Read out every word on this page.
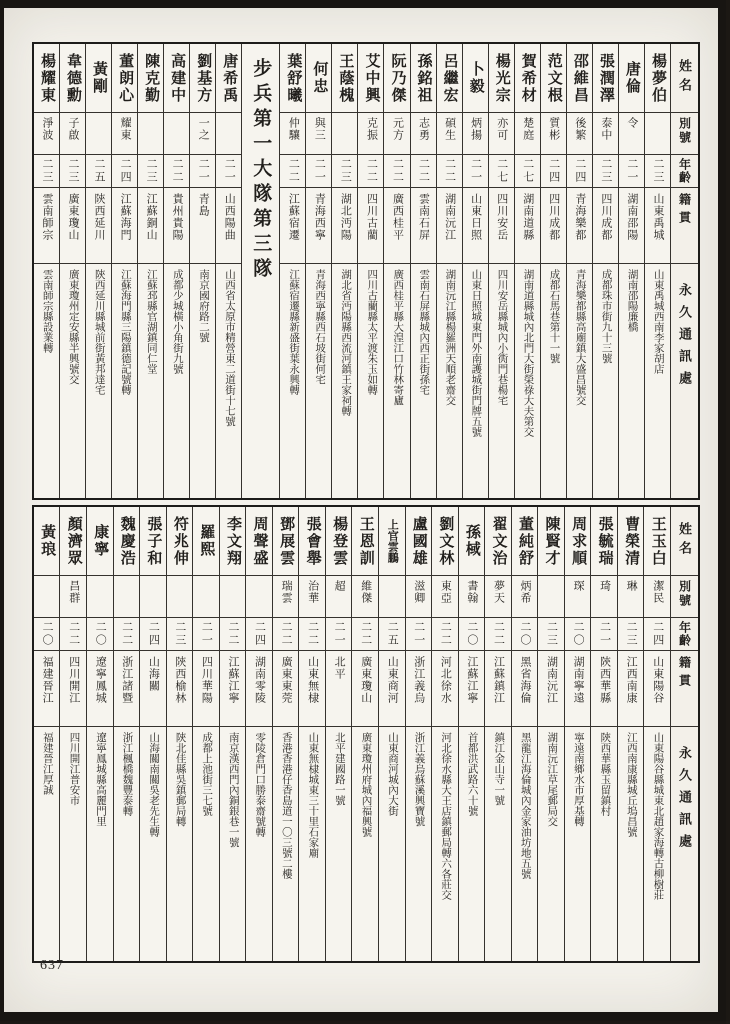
姓名
別號
年齡
籍貫
永久通訊處
楊夢伯
二三
山東禹城
山東禹城西南李家胡店
唐倫
令
二一
湖南邵陽
湖南邵陽廉橋
張潤澤
泰中
二三
四川成都
成都珠市街九十三號
邵維昌
後繁
二四
青海樂都
青海樂都縣高廟鎮大盛昌號交
范文根
質彬
二四
四川成都
成都石馬巷第十一號
賀希材
楚庭
二七
湖南道縣
湖南道縣城內北門大街榮祿大夫第交
楊光宗
亦可
二七
四川安岳
四川安岳縣城內小衖門巷楊宅
卜毅
炳揚
二一
山東日照
山東日照城東門外南護城街門牌五號
呂繼宏
碩生
二二
湖南沅江
湖南沅江縣楊羅洲天順老齋交
孫銘祖
志勇
二二
雲南石屏
雲南石屏縣城內西正街孫宅
阮乃傑
元方
二二
廣西桂平
廣西桂平縣大湟江口竹林寄廬
艾中興
克振
二二
四川古藺
四川古藺縣太平渡朱玉如轉
王蔭槐
二三
湖北沔陽
湖北省沔陽縣西流河鎮王家祠轉
何忠
與三
二一
青海西寧
青海西寧縣西石坡街何宅
葉舒曦
仲驤
二二
江蘇宿遷
江蘇宿遷縣新盛街葉永興轉
步兵第一大隊第三隊
唐希禹
二一
山西陽曲
山西省太原市精營東二道街十七號
劉基方
一之
二一
青島
南京國府路二號
高建中
二二
貴州貴陽
成都少城橫小角街九號
陳克勤
二三
江蘇銅山
江蘇邳縣官湖鎮同仁堂
董朗心
耀東
二四
江蘇海門
江蘇海門縣三陽鎮德記號轉
黃剛
二五
陝西延川
陝西延川縣城前街黃邦達宅
韋德勳
子啟
二三
廣東瓊山
廣東瓊州定安縣半興號交
楊耀東
淨波
二三
雲南師宗
雲南師宗縣設業轉
姓名
別號
年齡
籍貫
永久通訊處
王玉白
潔民
二四
山東陽谷
山東陽谷縣城東北趙家海轉古柳樹莊
曹榮清
琳
二三
江西南康
江西南康縣城丘塢昌號
張毓瑞
琦
二一
陝西華縣
陝西華縣玉留鎮村
周求順
琛
二〇
湖南寧遠
寧遠南鄉水市厚基轉
陳賢才
二三
湖南沅江
湖南沅江草尾郵局交
董純舒
炳希
二〇
黑省海倫
黑龍江海倫城內金家油坊地五號
翟文治
夢天
二二
江蘇鎮江
鎮江金山寺一號
孫棫
書翰
二〇
江蘇江寧
首都洪武路六十號
劉文林
東亞
二二
河北徐水
河北徐水縣大王店鎮郵局轉六各莊交
盧國雄
滋卿
二一
浙江義烏
浙江義烏蘇溪興寶號
上官雲鵬
二五
山東商河
山東商河城內大街
王恩訓
維傑
二二
廣東瓊山
廣東瓊州府城內福興號
楊登雲
超
二一
北平
北平建國路一號
張會舉
治華
二二
山東無棣
山東無棣城東三十里石家廟
鄧展雲
瑞雲
二二
廣東東莞
香港香港仔香島道一〇三號二樓
周聲盛
二四
湖南零陵
零陵倉門口勝泰齋號轉
李文翔
二二
江蘇江寧
南京漢西門內銅銀巷一號
羅熙
二一
四川華陽
成都上池街三七號
符兆伸
二三
陝西榆林
陝北佳縣吳鎮郵局轉
張子和
二四
山海關
山海關南關吳老先生轉
魏慶浩
二二
浙江諸暨
浙江楓橋魏豐泰轉
康寧
二〇
遼寧鳳城
遼寧鳳城縣高麗門里
顏濟眾
昌群
二二
四川開江
四川開江普安市
黃琅
二〇
福建晉江
福建晉江厚誠
637
